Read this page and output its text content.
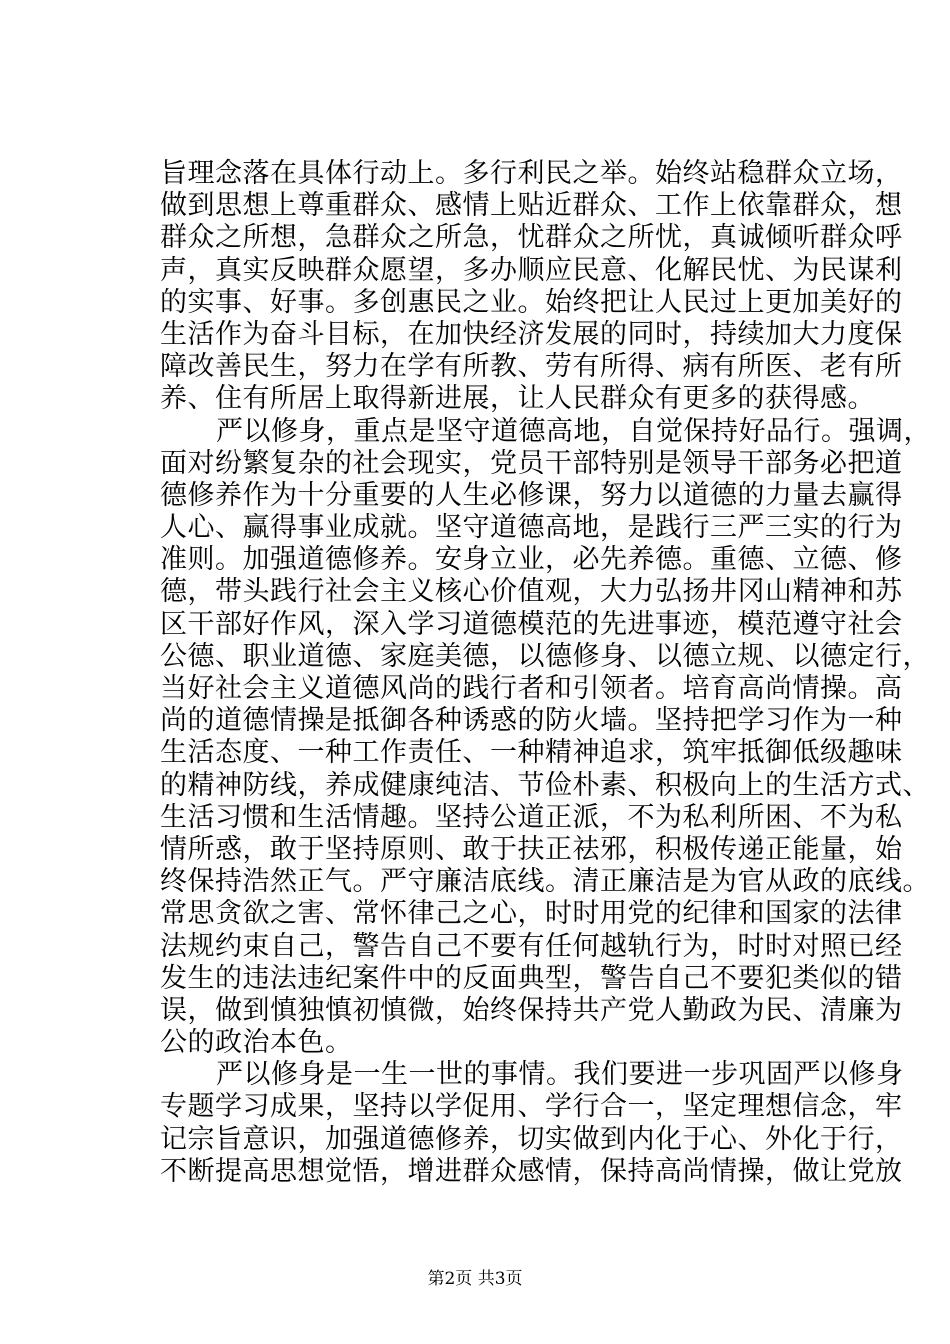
旨理念落在具体行动上。多行利民之举。始终站稳群众立场，
做到思想上尊重群众、感情上贴近群众、工作上依靠群众，想
群众之所想，急群众之所急，忧群众之所忧，真诚倾听群众呼
声，真实反映群众愿望，多办顺应民意、化解民忧、为民谋利
的实事、好事。多创惠民之业。始终把让人民过上更加美好的
生活作为奋斗目标，在加快经济发展的同时，持续加大力度保
障改善民生，努力在学有所教、劳有所得、病有所医、老有所
养、住有所居上取得新进展，让人民群众有更多的获得感。
严以修身，重点是坚守道德高地，自觉保持好品行。强调，
面对纷繁复杂的社会现实，党员干部特别是领导干部务必把道
德修养作为十分重要的人生必修课，努力以道德的力量去赢得
人心、赢得事业成就。坚守道德高地，是践行三严三实的行为
准则。加强道德修养。安身立业，必先养德。重德、立德、修
德，带头践行社会主义核心价值观，大力弘扬井冈山精神和苏
区干部好作风，深入学习道德模范的先进事迹，模范遵守社会
公德、职业道德、家庭美德，以德修身、以德立规、以德定行，
当好社会主义道德风尚的践行者和引领者。培育高尚情操。高
尚的道德情操是抵御各种诱惑的防火墙。坚持把学习作为一种
生活态度、一种工作责任、一种精神追求，筑牢抵御低级趣味
的精神防线，养成健康纯洁、节俭朴素、积极向上的生活方式、
生活习惯和生活情趣。坚持公道正派，不为私利所困、不为私
情所惑，敢于坚持原则、敢于扶正祛邪，积极传递正能量，始
终保持浩然正气。严守廉洁底线。清正廉洁是为官从政的底线。
常思贪欲之害、常怀律己之心，时时用党的纪律和国家的法律
法规约束自己，警告自己不要有任何越轨行为，时时对照已经
发生的违法违纪案件中的反面典型，警告自己不要犯类似的错
误，做到慎独慎初慎微，始终保持共产党人勤政为民、清廉为
公的政治本色。
严以修身是一生一世的事情。我们要进一步巩固严以修身
专题学习成果，坚持以学促用、学行合一，坚定理想信念，牢
记宗旨意识，加强道德修养，切实做到内化于心、外化于行，
不断提高思想觉悟，增进群众感情，保持高尚情操，做让党放
第2页 共3页
